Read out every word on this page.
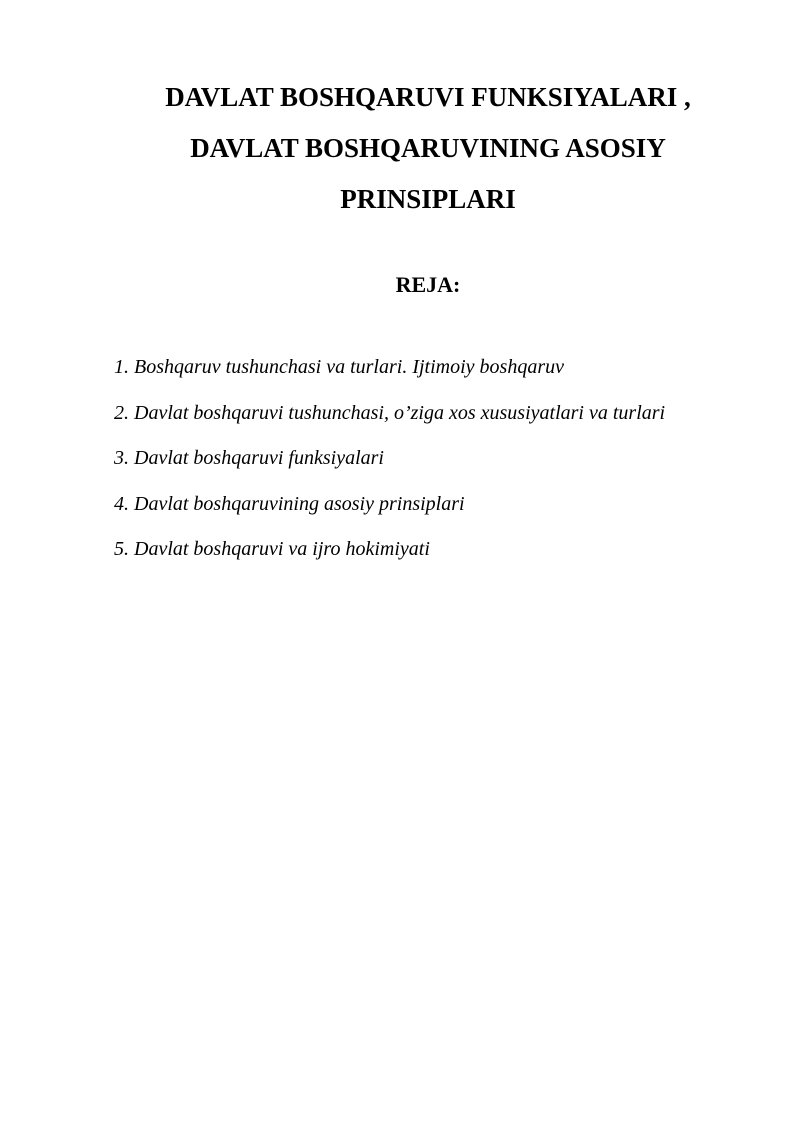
DAVLAT BOSHQARUVI FUNKSIYALARI ,
DAVLAT BOSHQARUVINING ASOSIY
PRINSIPLARI
REJA:
1. Boshqaruv tushunchasi va turlari. Ijtimoiy boshqaruv
2. Davlat boshqaruvi tushunchasi, o’ziga xos xususiyatlari va turlari
3. Davlat boshqaruvi funksiyalari
4. Davlat boshqaruvining asosiy prinsiplari
5. Davlat boshqaruvi va ijro hokimiyati
